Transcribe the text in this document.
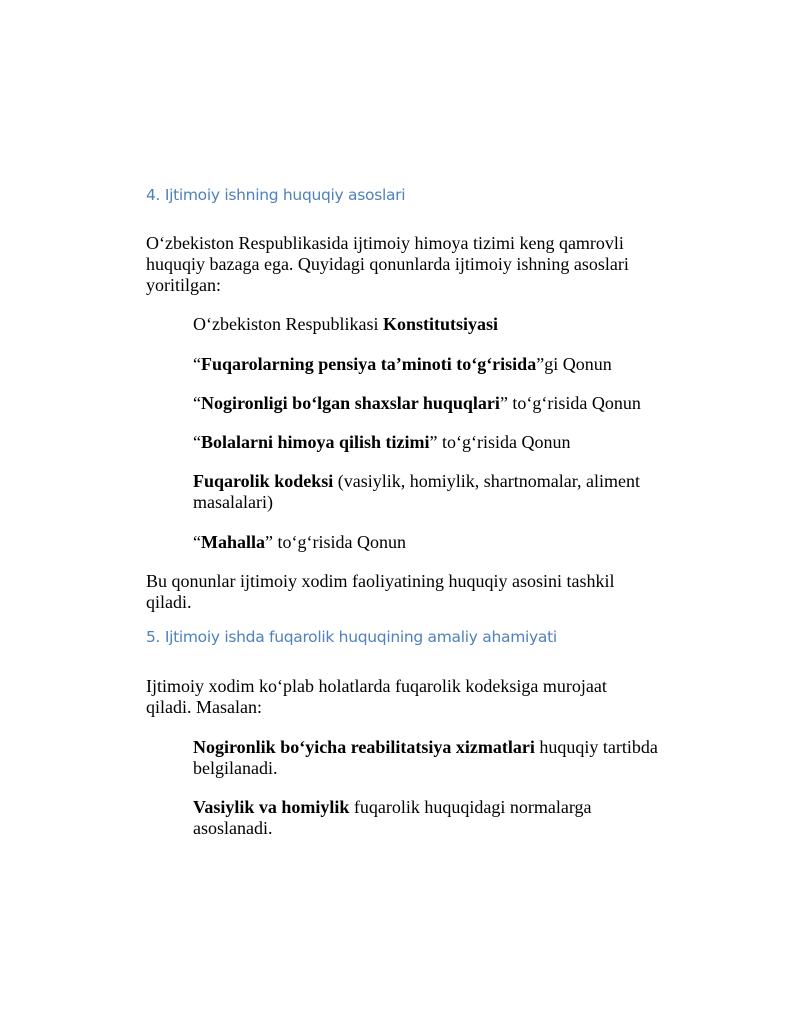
4. Ijtimoiy ishning huquqiy asoslari

O‘zbekiston Respublikasida ijtimoiy himoya tizimi keng qamrovli huquqiy bazaga ega. Quyidagi qonunlarda ijtimoiy ishning asoslari yoritilgan:

O‘zbekiston Respublikasi Konstitutsiyasi

“Fuqarolarning pensiya ta’minoti to‘g‘risida”gi Qonun

“Nogironligi bo‘lgan shaxslar huquqlari” to‘g‘risida Qonun

“Bolalarni himoya qilish tizimi” to‘g‘risida Qonun

Fuqarolik kodeksi (vasiylik, homiylik, shartnomalar, aliment masalalari)

“Mahalla” to‘g‘risida Qonun

Bu qonunlar ijtimoiy xodim faoliyatining huquqiy asosini tashkil qiladi.

5. Ijtimoiy ishda fuqarolik huquqining amaliy ahamiyati

Ijtimoiy xodim ko‘plab holatlarda fuqarolik kodeksiga murojaat qiladi. Masalan:

Nogironlik bo‘yicha reabilitatsiya xizmatlari huquqiy tartibda belgilanadi.

Vasiylik va homiylik fuqarolik huquqidagi normalarga asoslanadi.
